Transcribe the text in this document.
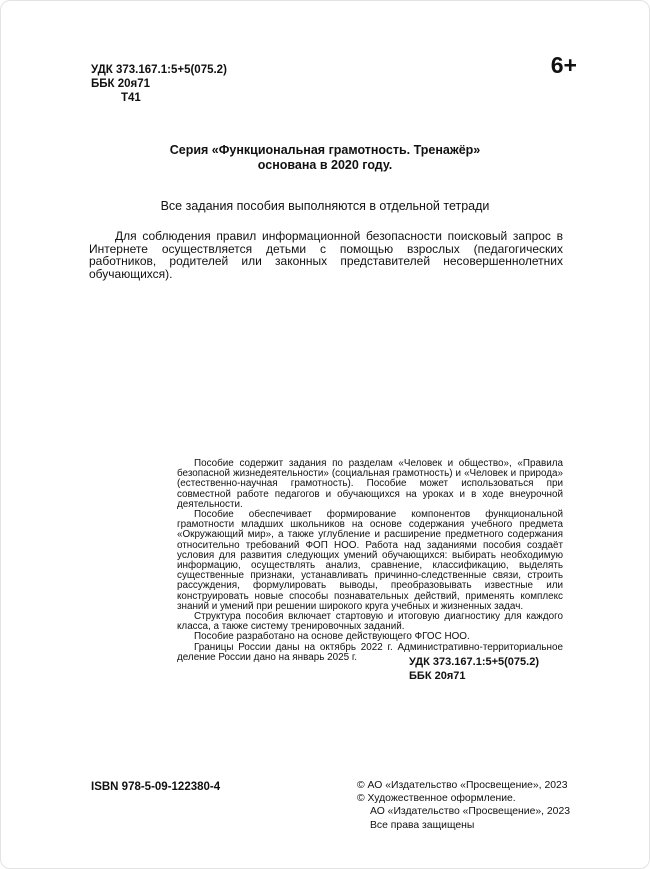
УДК 373.167.1:5+5(075.2)
ББК 20я71
Т41
6+
Серия «Функциональная грамотность. Тренажёр»
основана в 2020 году.
Все задания пособия выполняются в отдельной тетради
Для соблюдения правил информационной безопасности поисковый запрос в Интернете осуществляется детьми с помощью взрослых (педагогических работников, родителей или законных представителей несовершеннолетних обучающихся).

Пособие содержит задания по разделам «Человек и общество», «Правила безопасной жизнедеятельности» (социальная грамотность) и «Человек и природа» (естественно-научная грамотность). Пособие может использоваться при совместной работе педагогов и обучающихся на уроках и в ходе внеурочной деятельности.

Пособие обеспечивает формирование компонентов функциональной грамотности младших школьников на основе содержания учебного предмета «Окружающий мир», а также углубление и расширение предметного содержания относительно требований ФОП НОО. Работа над заданиями пособия создаёт условия для развития следующих умений обучающихся: выбирать необходимую информацию, осуществлять анализ, сравнение, классификацию, выделять существенные признаки, устанавливать причинно-следственные связи, строить рассуждения, формулировать выводы, преобразовывать известные или конструировать новые способы познавательных действий, применять комплекс знаний и умений при решении широкого круга учебных и жизненных задач.

Структура пособия включает стартовую и итоговую диагностику для каждого класса, а также систему тренировочных заданий.

Пособие разработано на основе действующего ФГОС НОО.

Границы России даны на октябрь 2022 г. Административно-территориальное деление России дано на январь 2025 г.	УДК 373.167.1:5+5(075.2)
ББК 20я71
ISBN 978-5-09-122380-4	© АО «Издательство «Просвещение», 2023
© Художественное оформление.
АО «Издательство «Просвещение», 2023
Все права защищены
